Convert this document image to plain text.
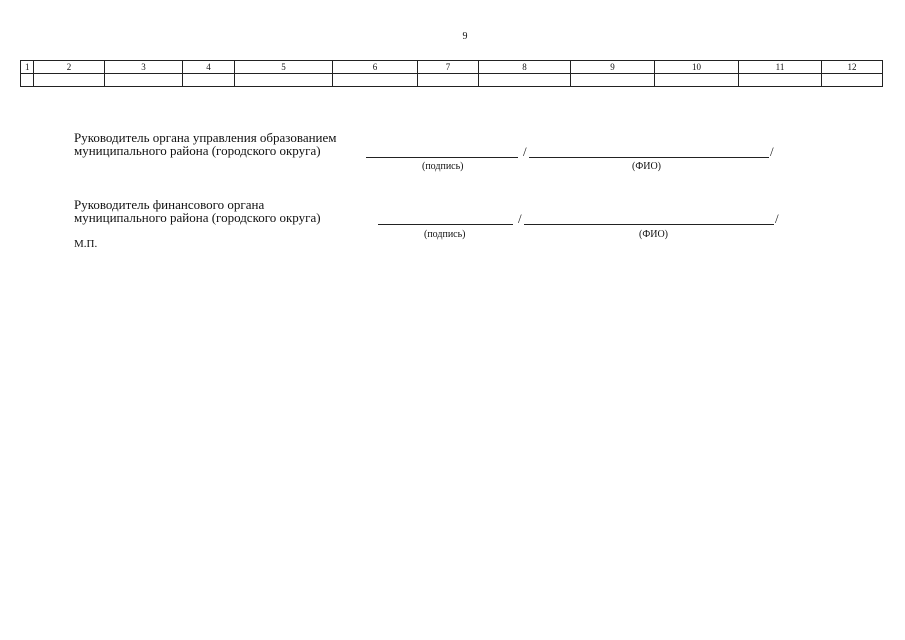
9
1	2	3	4	5	6	7	8	9	10	11	12

Руководитель органа управления образованием
муниципального района (городского округа)	/	/
(подпись)	(ФИО)
Руководитель финансового органа
муниципального района (городского округа)	/	/
(подпись)	(ФИО)
М.П.
